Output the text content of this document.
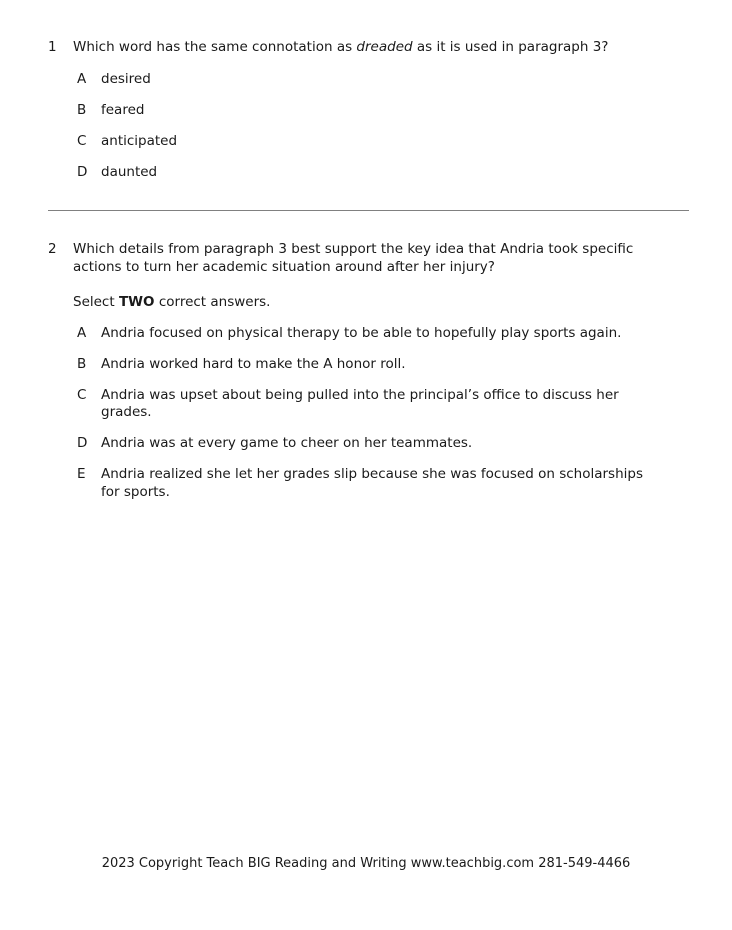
1	Which word has the same connotation as dreaded as it is used in paragraph 3?

A	desired
B	feared
C	anticipated
D	daunted
2	Which details from paragraph 3 best support the key idea that Andria took specific actions to turn her academic situation around after her injury?

Select TWO correct answers.

A	Andria focused on physical therapy to be able to hopefully play sports again.
B	Andria worked hard to make the A honor roll.
C	Andria was upset about being pulled into the principal’s office to discuss her grades.
D	Andria was at every game to cheer on her teammates.
E	Andria realized she let her grades slip because she was focused on scholarships for sports.
2023 Copyright Teach BIG Reading and Writing www.teachbig.com 281-549-4466
